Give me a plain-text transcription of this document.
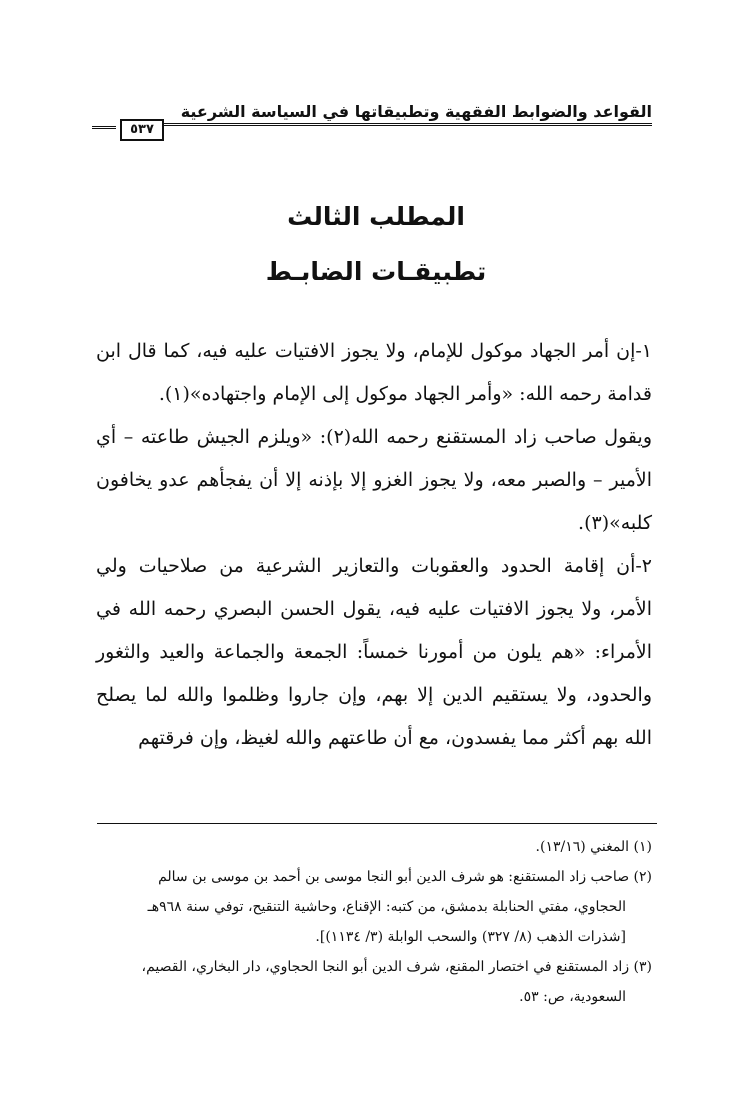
القواعد والضوابط الفقهية وتطبيقاتها في السياسة الشرعية
٥٣٧
المطلب الثالث
تطبيقـات الضابـط

١-إن أمر الجهاد موكول للإمام، ولا يجوز الافتيات عليه فيه، كما قال ابن قدامة رحمه الله: «وأمر الجهاد موكول إلى الإمام واجتهاده»(١).

ويقول صاحب زاد المستقنع رحمه الله(٢): «ويلزم الجيش طاعته – أي الأمير – والصبر معه، ولا يجوز الغزو إلا بإذنه إلا أن يفجأهم عدو يخافون كلبه»(٣).

٢-أن إقامة الحدود والعقوبات والتعازير الشرعية من صلاحيات ولي الأمر، ولا يجوز الافتيات عليه فيه، يقول الحسن البصري رحمه الله في الأمراء: «هم يلون من أمورنا خمساً: الجمعة والجماعة والعيد والثغور والحدود، ولا يستقيم الدين إلا بهم، وإن جاروا وظلموا والله لما يصلح الله بهم أكثر مما يفسدون، مع أن طاعتهم والله لغيظ، وإن فرقتهم

(١) المغني (١٣/١٦).

(٢) صاحب زاد المستقنع: هو شرف الدين أبو النجا موسى بن أحمد بن موسى بن سالم

الحجاوي، مفتي الحنابلة بدمشق، من كتبه: الإقناع، وحاشية التنقيح، توفي سنة ٩٦٨هـ

[شذرات الذهب (٨/ ٣٢٧) والسحب الوابلة (٣/ ١١٣٤)].

(٣) زاد المستقنع في اختصار المقنع، شرف الدين أبو النجا الحجاوي، دار البخاري، القصيم،

السعودية، ص: ٥٣.
